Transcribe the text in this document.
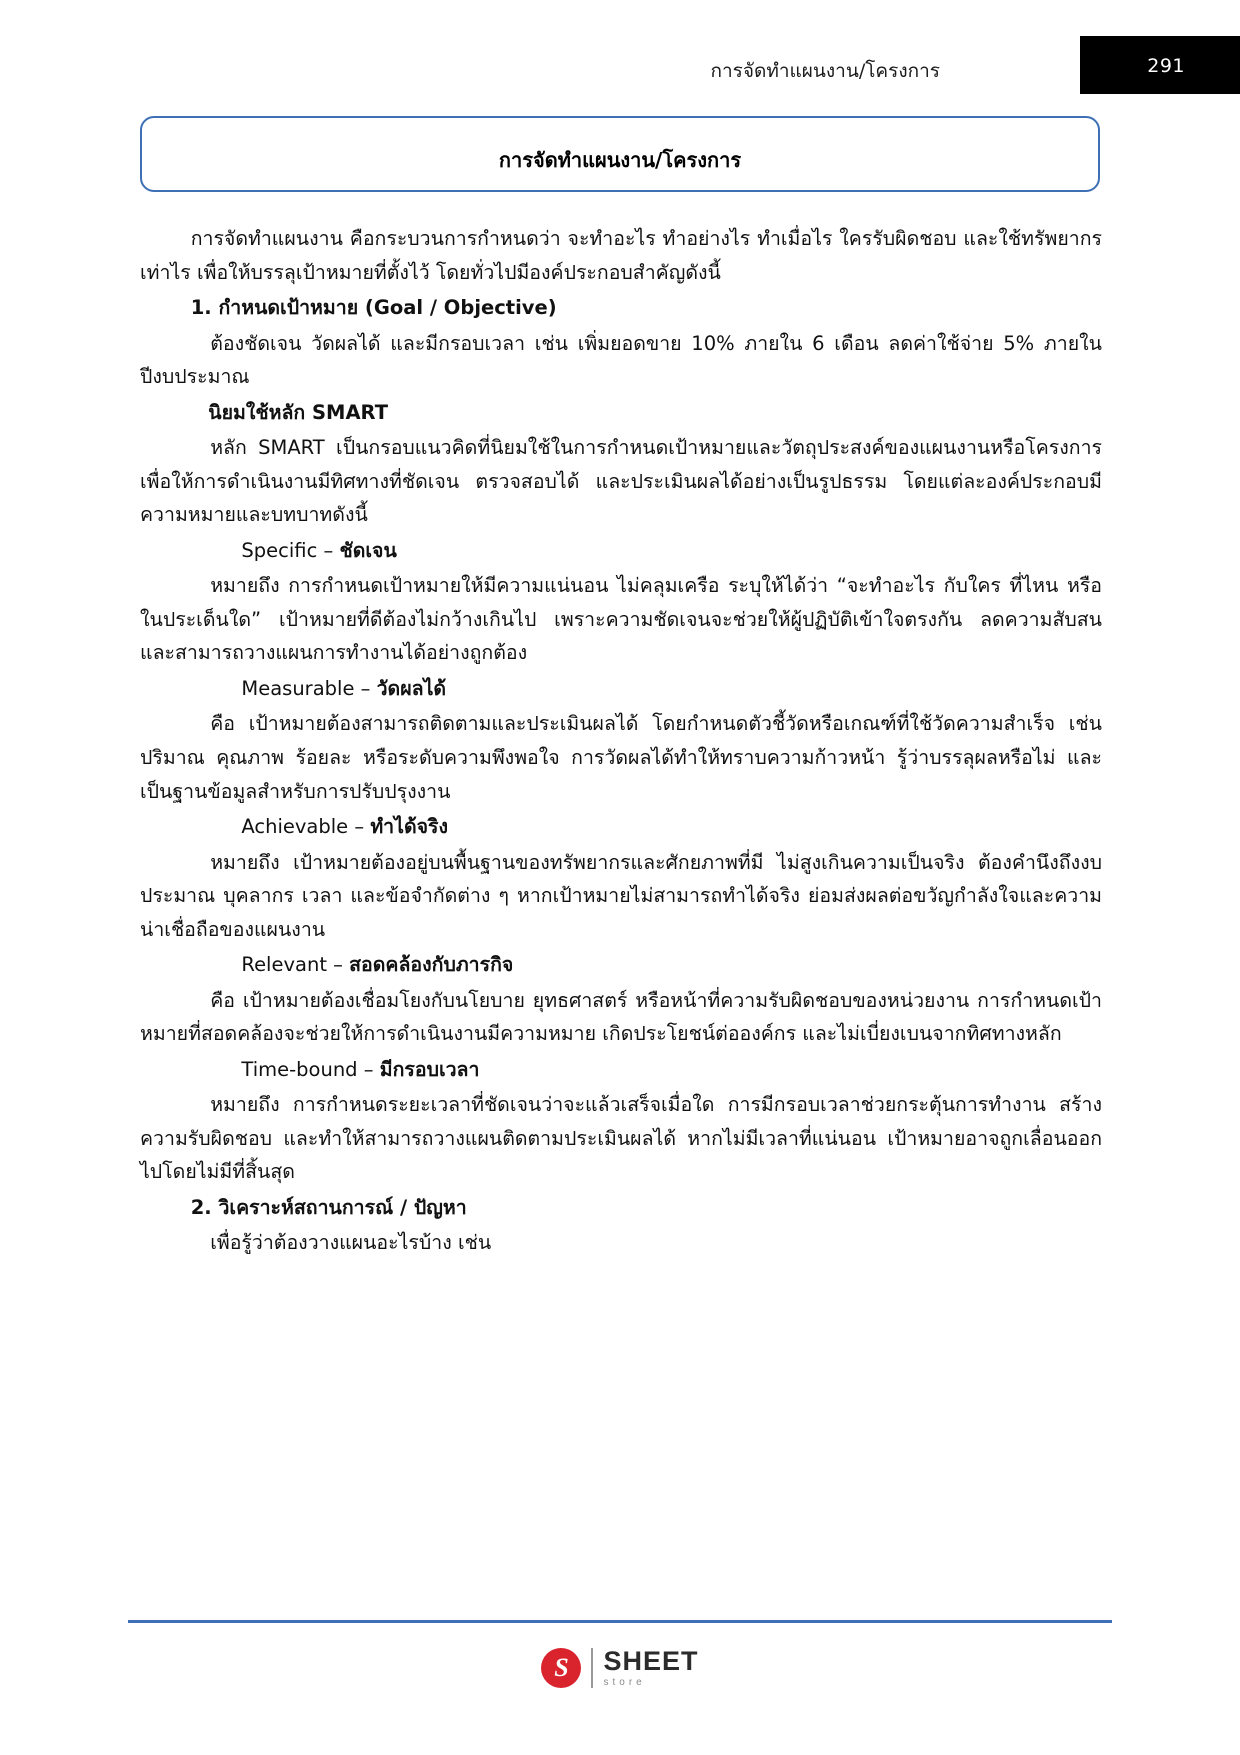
การจัดทำแผนงาน/โครงการ	291
การจัดทำแผนงาน/โครงการ

การจัดทำแผนงาน คือกระบวนการกำหนดว่า จะทำอะไร ทำอย่างไร ทำเมื่อไร ใครรับผิดชอบ และใช้ทรัพยากรเท่าไร เพื่อให้บรรลุเป้าหมายที่ตั้งไว้ โดยทั่วไปมีองค์ประกอบสำคัญดังนี้

1. กำหนดเป้าหมาย (Goal / Objective)

ต้องชัดเจน วัดผลได้ และมีกรอบเวลา เช่น เพิ่มยอดขาย 10% ภายใน 6 เดือน ลดค่าใช้จ่าย 5% ภายในปีงบประมาณ

นิยมใช้หลัก SMART

หลัก SMART เป็นกรอบแนวคิดที่นิยมใช้ในการกำหนดเป้าหมายและวัตถุประสงค์ของแผนงานหรือโครงการ เพื่อให้การดำเนินงานมีทิศทางที่ชัดเจน ตรวจสอบได้ และประเมินผลได้อย่างเป็นรูปธรรม โดยแต่ละองค์ประกอบมีความหมายและบทบาทดังนี้

Specific – ชัดเจน

หมายถึง การกำหนดเป้าหมายให้มีความแน่นอน ไม่คลุมเครือ ระบุให้ได้ว่า “จะทำอะไร กับใคร ที่ไหน หรือในประเด็นใด” เป้าหมายที่ดีต้องไม่กว้างเกินไป เพราะความชัดเจนจะช่วยให้ผู้ปฏิบัติเข้าใจตรงกัน ลดความสับสน และสามารถวางแผนการทำงานได้อย่างถูกต้อง

Measurable – วัดผลได้

คือ เป้าหมายต้องสามารถติดตามและประเมินผลได้ โดยกำหนดตัวชี้วัดหรือเกณฑ์ที่ใช้วัดความสำเร็จ เช่น ปริมาณ คุณภาพ ร้อยละ หรือระดับความพึงพอใจ การวัดผลได้ทำให้ทราบความก้าวหน้า รู้ว่าบรรลุผลหรือไม่ และเป็นฐานข้อมูลสำหรับการปรับปรุงงาน

Achievable – ทำได้จริง

หมายถึง เป้าหมายต้องอยู่บนพื้นฐานของทรัพยากรและศักยภาพที่มี ไม่สูงเกินความเป็นจริง ต้องคำนึงถึงงบประมาณ บุคลากร เวลา และข้อจำกัดต่าง ๆ หากเป้าหมายไม่สามารถทำได้จริง ย่อมส่งผลต่อขวัญกำลังใจและความน่าเชื่อถือของแผนงาน

Relevant – สอดคล้องกับภารกิจ

คือ เป้าหมายต้องเชื่อมโยงกับนโยบาย ยุทธศาสตร์ หรือหน้าที่ความรับผิดชอบของหน่วยงาน การกำหนดเป้าหมายที่สอดคล้องจะช่วยให้การดำเนินงานมีความหมาย เกิดประโยชน์ต่อองค์กร และไม่เบี่ยงเบนจากทิศทางหลัก

Time-bound – มีกรอบเวลา

หมายถึง การกำหนดระยะเวลาที่ชัดเจนว่าจะแล้วเสร็จเมื่อใด การมีกรอบเวลาช่วยกระตุ้นการทำงาน สร้างความรับผิดชอบ และทำให้สามารถวางแผนติดตามประเมินผลได้ หากไม่มีเวลาที่แน่นอน เป้าหมายอาจถูกเลื่อนออกไปโดยไม่มีที่สิ้นสุด

2. วิเคราะห์สถานการณ์ / ปัญหา

เพื่อรู้ว่าต้องวางแผนอะไรบ้าง เช่น

S	SHEET
store
